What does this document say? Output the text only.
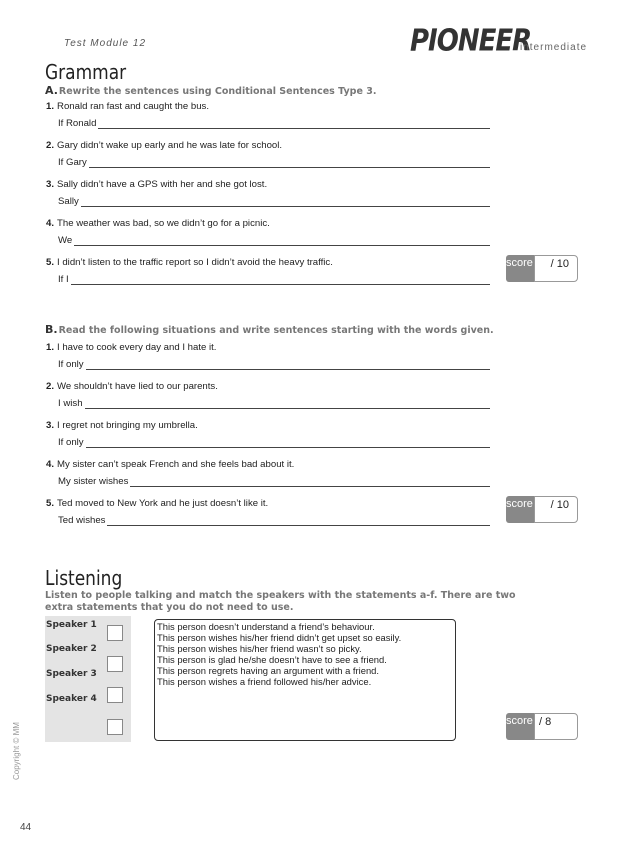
Test Module 12	PIONEER
intermediate
Grammar
A.Rewrite the sentences using Conditional Sentences Type 3.
1. Ronald ran fast and caught the bus.
If Ronald
2. Gary didn’t wake up early and he was late for school.
If Gary
3. Sally didn’t have a GPS with her and she got lost.
Sally
4. The weather was bad, so we didn’t go for a picnic.
We
5. I didn’t listen to the traffic report so I didn’t avoid the heavy traffic.
If I
score	/ 10
B.Read the following situations and write sentences starting with the words given.
1. I have to cook every day and I hate it.
If only
2. We shouldn’t have lied to our parents.
I wish
3. I regret not bringing my umbrella.
If only
4. My sister can’t speak French and she feels bad about it.
My sister wishes
5. Ted moved to New York and he just doesn’t like it.
Ted wishes
score	/ 10
Listening
Listen to people talking and match the speakers with the statements a-f. There are two
extra statements that you do not need to use.
Speaker 1
Speaker 2
Speaker 3
Speaker 4
This person doesn’t understand a friend’s behaviour.
This person wishes his/her friend didn’t get upset so easily.
This person wishes his/her friend wasn’t so picky.
This person is glad he/she doesn’t have to see a friend.
This person regrets having an argument with a friend.
This person wishes a friend followed his/her advice.
score / 8
Copyright © MM
44
